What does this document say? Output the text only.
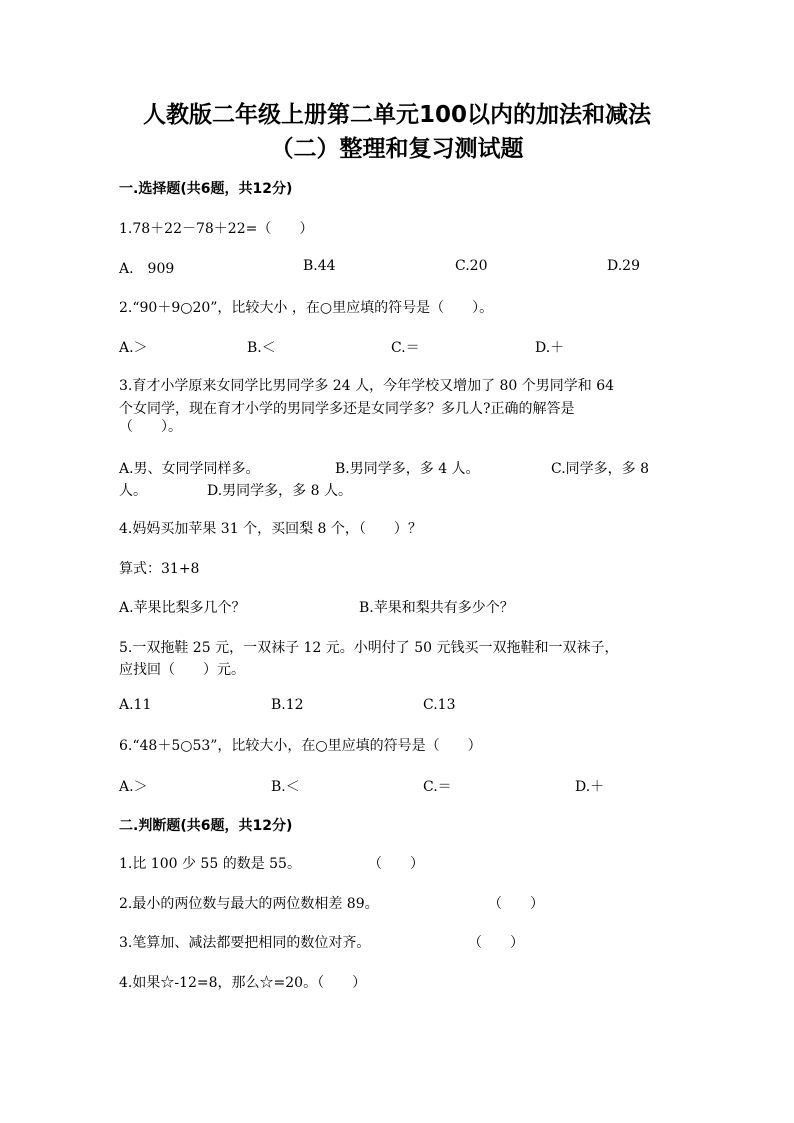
人教版二年级上册第二单元100以内的加法和减法
（二）整理和复习测试题
一.选择题(共6题，共12分)
1.78＋22－78＋22=（　　）
A.　909	B.44	C.20	D.29
2.“90＋9○20”，比较大小 ，在○里应填的符号是（　　）。
A.＞	B.＜	C.＝	D.＋
3.育才小学原来女同学比男同学多 24 人，今年学校又增加了 80 个男同学和 64
个女同学，现在育才小学的男同学多还是女同学多？多几人?正确的解答是
（　　）。
A.男、女同学同样多。	B.男同学多，多 4 人。	C.同学多，多 8
人。	D.男同学多，多 8 人。
4.妈妈买加苹果 31 个，买回梨 8 个，（　　）？
算式：31+8
A.苹果比梨多几个？	B.苹果和梨共有多少个？
5.一双拖鞋 25 元，一双袜子 12 元。小明付了 50 元钱买一双拖鞋和一双袜子，
应找回（　　）元。
A.11	B.12	C.13
6.“48＋5○53”，比较大小，在○里应填的符号是（　　）
A.＞	B.＜	C.＝	D.＋
二.判断题(共6题，共12分)
1.比 100 少 55 的数是 55。	（　　）
2.最小的两位数与最大的两位数相差 89。	（　　）
3.笔算加、减法都要把相同的数位对齐。	（　　）
4.如果☆-12=8，那么☆=20。（　　）
